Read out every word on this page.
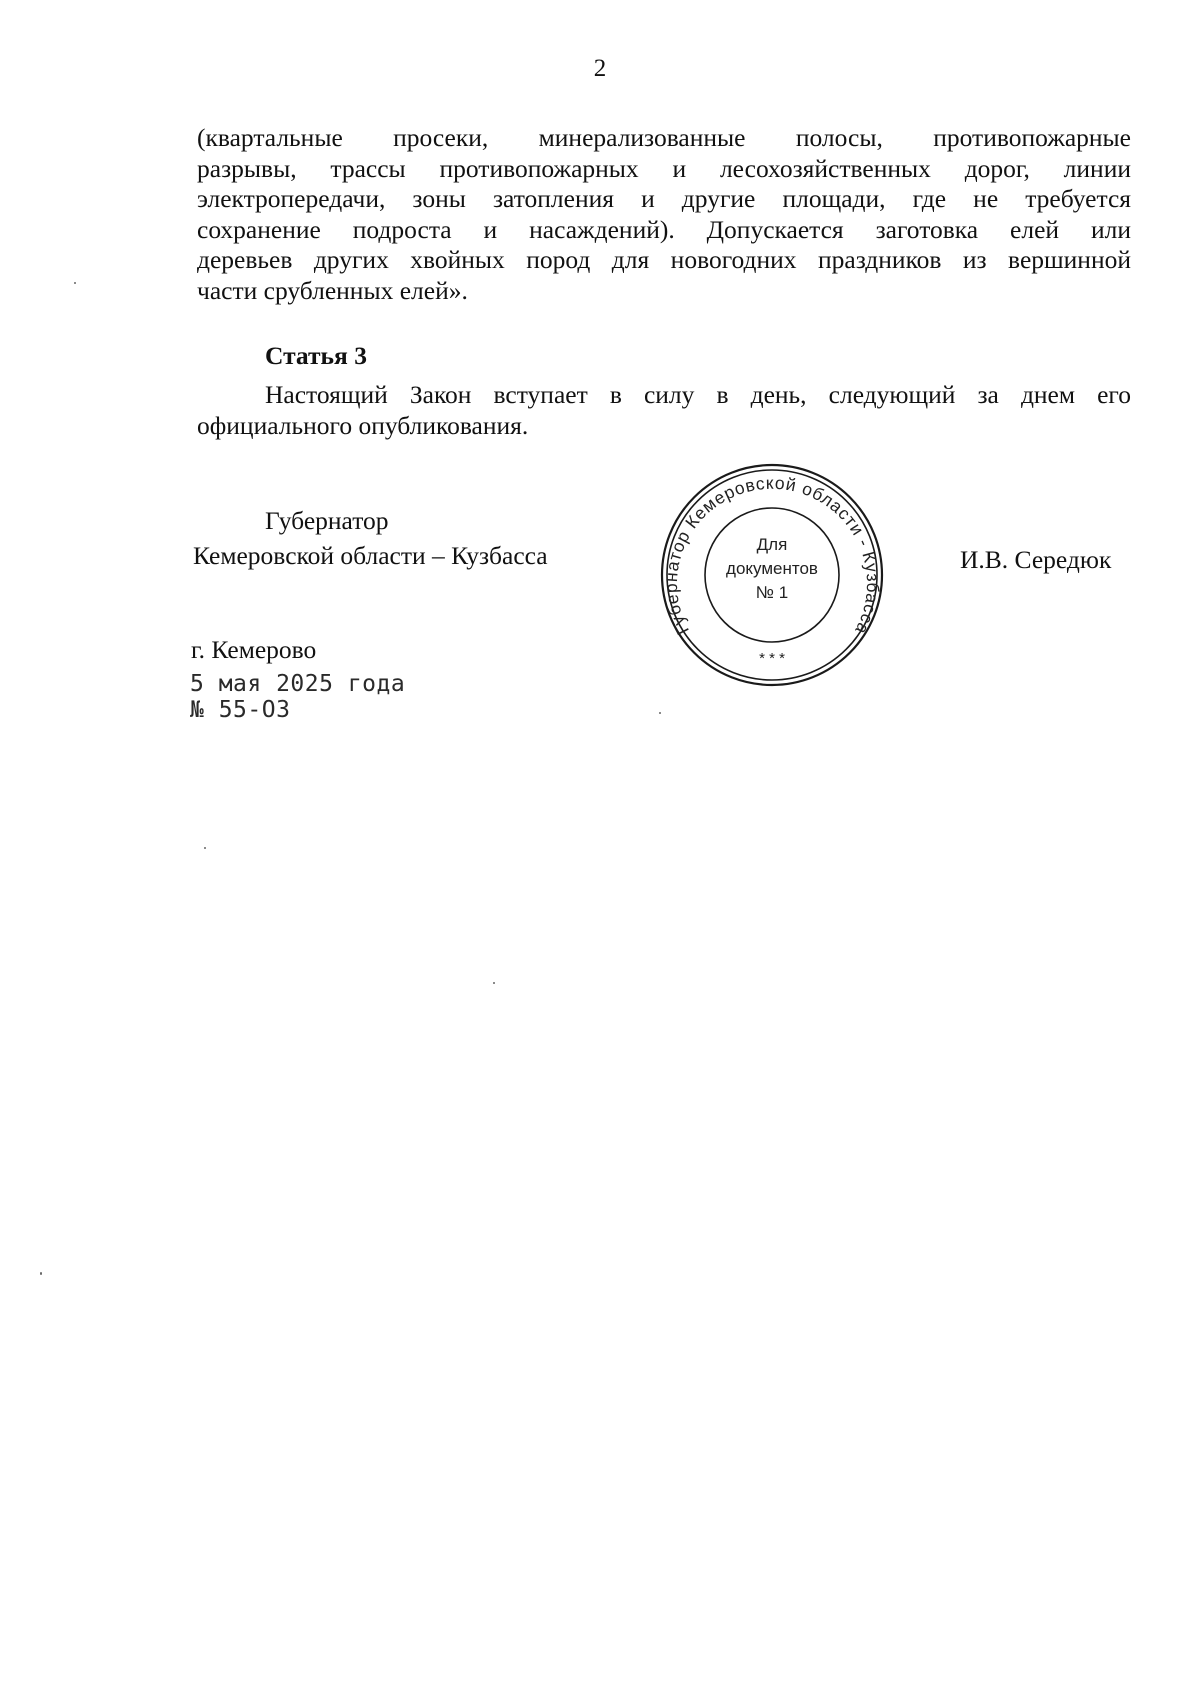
2
(квартальные просеки, минерализованные полосы, противопожарные
разрывы, трассы противопожарных и лесохозяйственных дорог, линии
электропередачи, зоны затопления и другие площади, где не требуется
сохранение подроста и насаждений). Допускается заготовка елей или
деревьев других хвойных пород для новогодних праздников из вершинной
части срубленных елей».
Статья 3
Настоящий Закон вступает в силу в день, следующий за днем его
официального опубликования.
Губернатор
Кемеровской области – Кузбасса
Губернатор Кемеровской области - Кузбасса
Для
документов
№ 1
* * *
И.В. Середюк
г. Кемерово
5 мая 2025 года
№ 55-ОЗ
